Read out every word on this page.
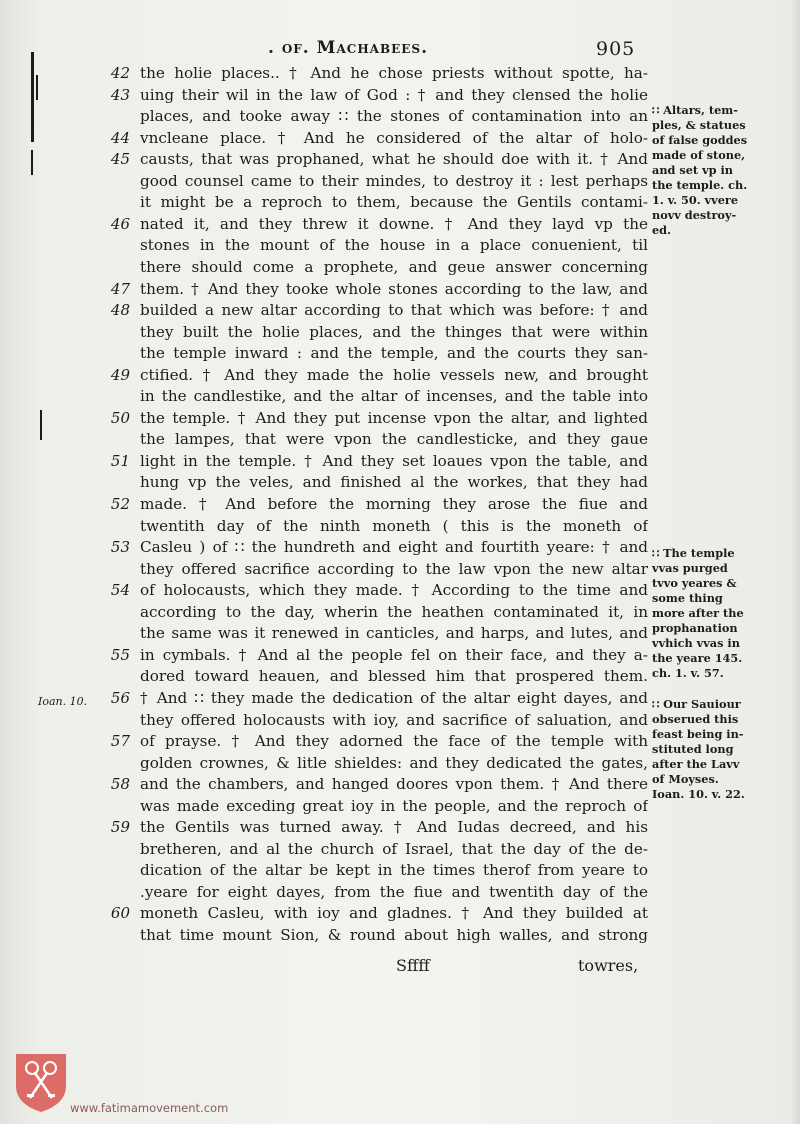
. of. Machabees.	905
42 the holie places.. † And he chose priests without spotte, ha-
43 uing their wil in the law of God : † and they clensed the holie
places, and tooke away ∷ the stones of contamination into an
44 vncleane place. † And he considered of the altar of holo-
45 causts, that was prophaned, what he should doe with it. † And
good counsel came to their mindes, to destroy it : lest perhaps
it might be a reproch to them, because the Gentils contami-
46 nated it, and they threw it downe. † And they layd vp the
stones in the mount of the house in a place conuenient, til
there should come a prophete, and geue answer concerning
47 them. † And they tooke whole stones according to the law, and
48 builded a new altar according to that which was before: † and
they built the holie places, and the thinges that were within
the temple inward : and the temple, and the courts they san-
49 ctified. † And they made the holie vessels new, and brought
in the candlestike, and the altar of incenses, and the table into
50 the temple. † And they put incense vpon the altar, and lighted
the lampes, that were vpon the candlesticke, and they gaue
51 light in the temple. † And they set loaues vpon the table, and
hung vp the veles, and finished al the workes, that they had
52 made. † And before the morning they arose the fiue and
twentith day of the ninth moneth ( this is the moneth of
53 Casleu ) of ∷ the hundreth and eight and fourtith yeare: † and
they offered sacrifice according to the law vpon the new altar
54 of holocausts, which they made. † According to the time and
according to the day, wherin the heathen contaminated it, in
the same was it renewed in canticles, and harps, and lutes, and
55 in cymbals. † And al the people fel on their face, and they a-
dored toward heauen, and blessed him that prospered them.
56 † And ∷ they made the dedication of the altar eight dayes, and
they offered holocausts with ioy, and sacrifice of saluation, and
57 of prayse. † And they adorned the face of the temple with
golden crownes, & litle shieldes: and they dedicated the gates,
58 and the chambers, and hanged doores vpon them. † And there
was made exceding great ioy in the people, and the reproch of
59 the Gentils was turned away. † And Iudas decreed, and his
bretheren, and al the church of Israel, that the day of the de-
dication of the altar be kept in the times therof from yeare to
.yeare for eight dayes, from the fiue and twentith day of the
60 moneth Casleu, with ioy and gladnes. † And they builded at
that time mount Sion, & round about high walles, and strong
Ioan. 10.
∷ Altars, tem-
ples, & statues
of false goddes
made of stone,
and set vp in
the temple. ch.
1. v. 50. vvere
novv destroy-
ed.
∷ The temple
vvas purged
tvvo yeares &
some thing
more after the
prophanation
vvhich vvas in
the yeare 145.
ch. 1. v. 57.
∷ Our Sauiour
obserued this
feast being in-
stituted long
after the Lavv
of Moyses.
Ioan. 10. v. 22.
Sffff	towres,
www.fatimamovement.com
